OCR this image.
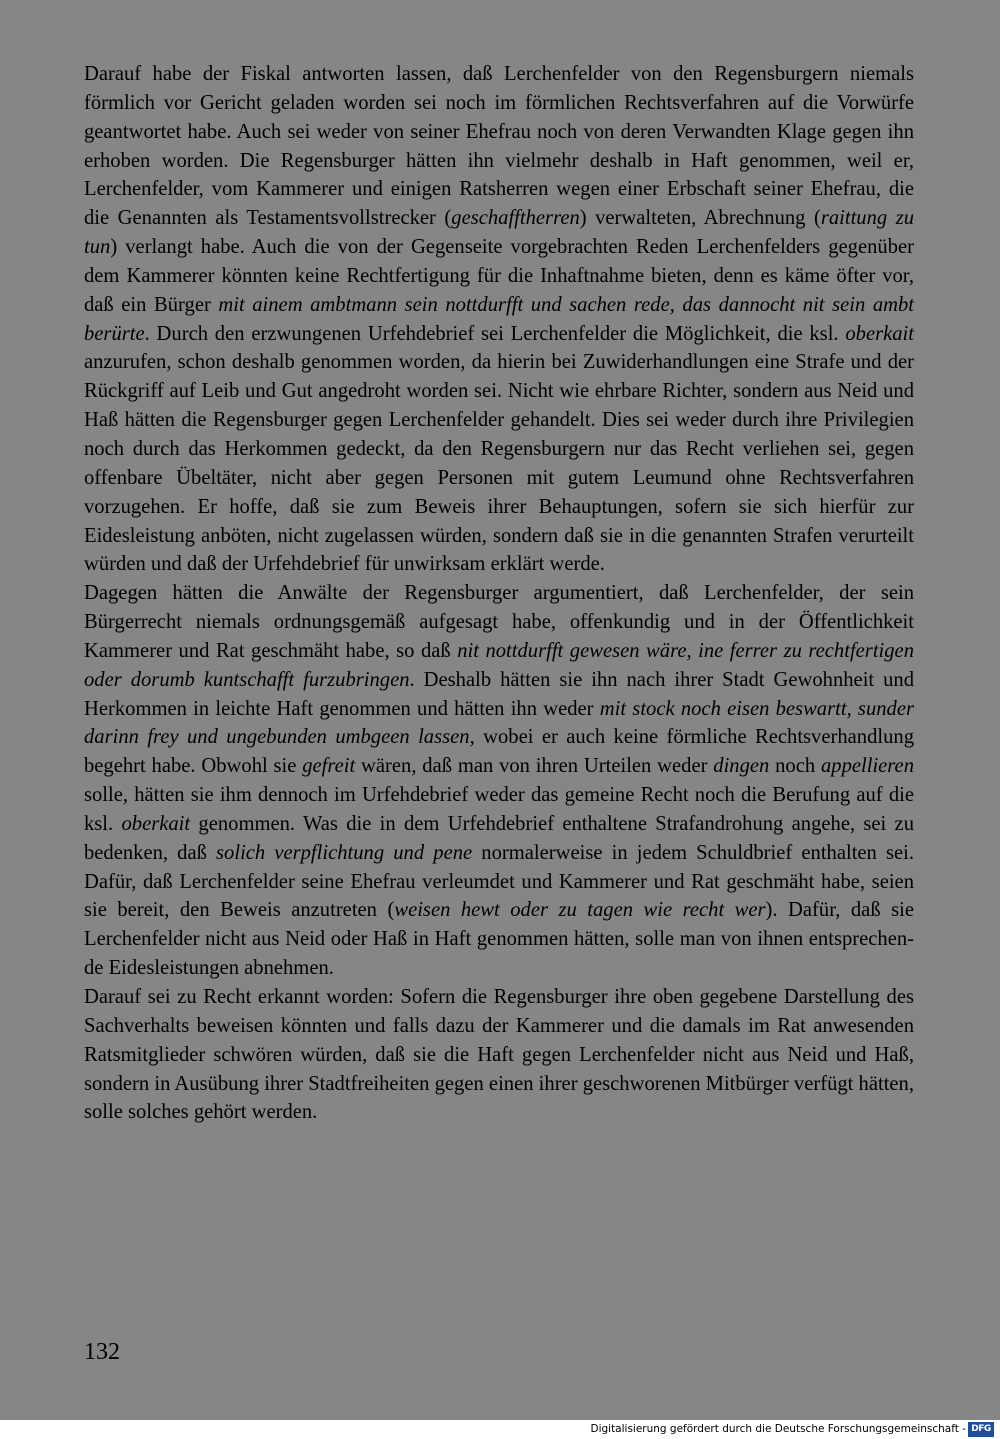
Darauf habe der Fiskal antworten lassen, daß Lerchenfelder von den Regensburgern niemals förmlich vor Gericht geladen worden sei noch im förmlichen Rechtsverfahren auf die Vorwürfe geantwortet habe. Auch sei weder von seiner Ehefrau noch von deren Verwandten Klage gegen ihn erhoben worden. Die Regensburger hätten ihn vielmehr deshalb in Haft genommen, weil er, Lerchenfelder, vom Kammerer und einigen Ratsherren wegen einer Erbschaft seiner Ehefrau, die die Genannten als Testamentsvollstrecker (geschafftherren) verwalteten, Abrechnung (raittung zu tun) verlangt habe. Auch die von der Gegenseite vorgebrachten Reden Lerchenfelders gegenüber dem Kammerer könnten keine Rechtfertigung für die Inhaftnahme bieten, denn es käme öfter vor, daß ein Bürger mit ainem ambtmann sein nottdurfft und sachen rede, das dannocht nit sein ambt berürte. Durch den erzwungenen Urfehdebrief sei Lerchenfelder die Möglichkeit, die ksl. oberkait anzurufen, schon deshalb genommen worden, da hierin bei Zuwiderhandlungen eine Strafe und der Rückgriff auf Leib und Gut angedroht worden sei. Nicht wie ehrbare Richter, sondern aus Neid und Haß hätten die Regensburger gegen Lerchenfelder gehandelt. Dies sei weder durch ihre Privilegien noch durch das Herkommen gedeckt, da den Regensburgern nur das Recht verliehen sei, gegen offenbare Übeltäter, nicht aber gegen Personen mit gutem Leumund ohne Rechtsverfahren vorzugehen. Er hoffe, daß sie zum Beweis ihrer Behauptungen, sofern sie sich hierfür zur Eidesleistung anböten, nicht zugelassen würden, sondern daß sie in die genannten Strafen verurteilt würden und daß der Urfehdebrief für unwirksam erklärt werde.

Dagegen hätten die Anwälte der Regensburger argumentiert, daß Lerchenfelder, der sein Bürgerrecht niemals ordnungsgemäß aufgesagt habe, offenkundig und in der Öffentlichkeit Kammerer und Rat geschmäht habe, so daß nit nottdurfft gewesen wäre, ine ferrer zu rechtfertigen oder dorumb kuntschafft furzubringen. Deshalb hätten sie ihn nach ihrer Stadt Gewohnheit und Herkommen in leichte Haft genommen und hätten ihn weder mit stock noch eisen beswartt, sunder darinn frey und ungebunden umbgeen lassen, wobei er auch keine förmliche Rechtsverhandlung begehrt habe. Obwohl sie gefreit wären, daß man von ihren Urteilen weder dingen noch appellieren solle, hätten sie ihm dennoch im Urfehdebrief weder das gemeine Recht noch die Berufung auf die ksl. oberkait genommen. Was die in dem Urfehdebrief enthaltene Strafandrohung angehe, sei zu bedenken, daß solich verpflichtung und pene normalerweise in jedem Schuldbrief enthalten sei. Dafür, daß Lerchenfelder seine Ehefrau verleumdet und Kammerer und Rat geschmäht habe, seien sie bereit, den Beweis anzutreten (weisen hewt oder zu tagen wie recht wer). Dafür, daß sie Lerchenfelder nicht aus Neid oder Haß in Haft genommen hätten, solle man von ihnen entsprechende Eidesleistungen abnehmen.

Darauf sei zu Recht erkannt worden: Sofern die Regensburger ihre oben gegebene Darstellung des Sachverhalts beweisen könnten und falls dazu der Kammerer und die damals im Rat anwesenden Ratsmitglieder schwören würden, daß sie die Haft gegen Lerchenfelder nicht aus Neid und Haß, sondern in Ausübung ihrer Stadtfreiheiten gegen einen ihrer geschworenen Mitbürger verfügt hätten, solle solches gehört werden.

132
Digitalisierung gefördert durch die Deutsche Forschungsgemeinschaft - DFG
